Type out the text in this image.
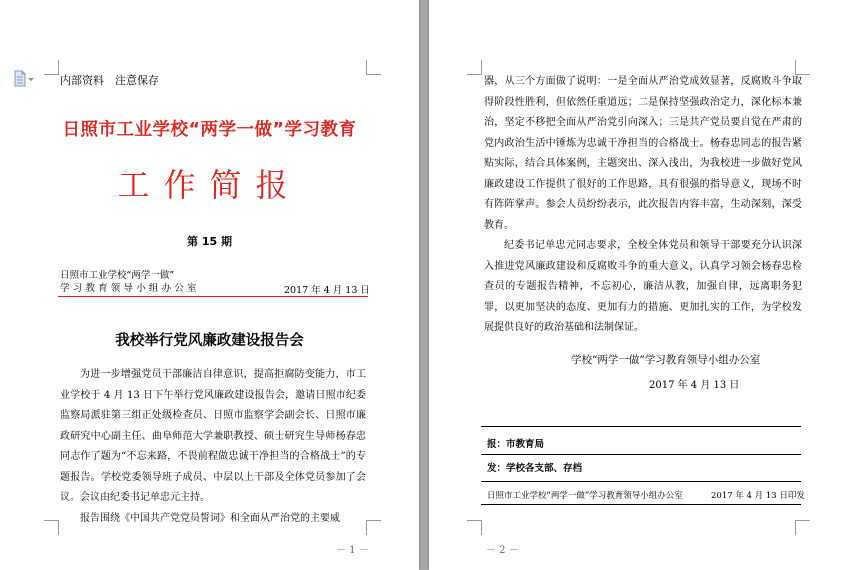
内部资料　注意保存
日照市工业学校“两学一做”学习教育
工作简报
第 15 期
日照市工业学校“两学一做”
学习教育领导小组办公室	2017 年 4 月 13 日
我校举行党风廉政建设报告会

为进一步增强党员干部廉洁自律意识，提高拒腐防变能力，市工业学校于 4 月 13 日下午举行党风廉政建设报告会，邀请日照市纪委监察局派驻第三组正处级检查员、日照市监察学会副会长、日照市廉政研究中心副主任、曲阜师范大学兼职教授、硕士研究生导师杨春忠同志作了题为“不忘来路，不畏前程做忠诚干净担当的合格战士”的专题报告。学校党委领导班子成员、中层以上干部及全体党员参加了会议。会议由纪委书记单忠元主持。

报告围绕《中国共产党党员誓词》和全面从严治党的主要威

－ 1 －

器，从三个方面做了说明：一是全面从严治党成效显著，反腐败斗争取得阶段性胜利，但依然任重道远；二是保持坚强政治定力，深化标本兼治，坚定不移把全面从严治党引向深入；三是共产党员要自觉在严肃的党内政治生活中锤炼为忠诚干净担当的合格战士。杨春忠同志的报告紧贴实际，结合具体案例，主题突出、深入浅出，为我校进一步做好党风廉政建设工作提供了很好的工作思路，具有很强的指导意义，现场不时有阵阵掌声。参会人员纷纷表示，此次报告内容丰富，生动深刻，深受教育。

纪委书记单忠元同志要求，全校全体党员和领导干部要充分认识深入推进党风廉政建设和反腐败斗争的重大意义，认真学习领会杨春忠检查员的专题报告精神，不忘初心，廉洁从教，加强自律，远离职务犯罪，以更加坚决的态度、更加有力的措施、更加扎实的工作，为学校发展提供良好的政治基础和法制保证。

学校“两学一做”学习教育领导小组办公室
2017 年 4 月 13 日
报：市教育局
发：学校各支部、存档
日照市工业学校“两学一做”学习教育领导小组办公室	2017 年 4 月 13 日印发
－ 2 －
